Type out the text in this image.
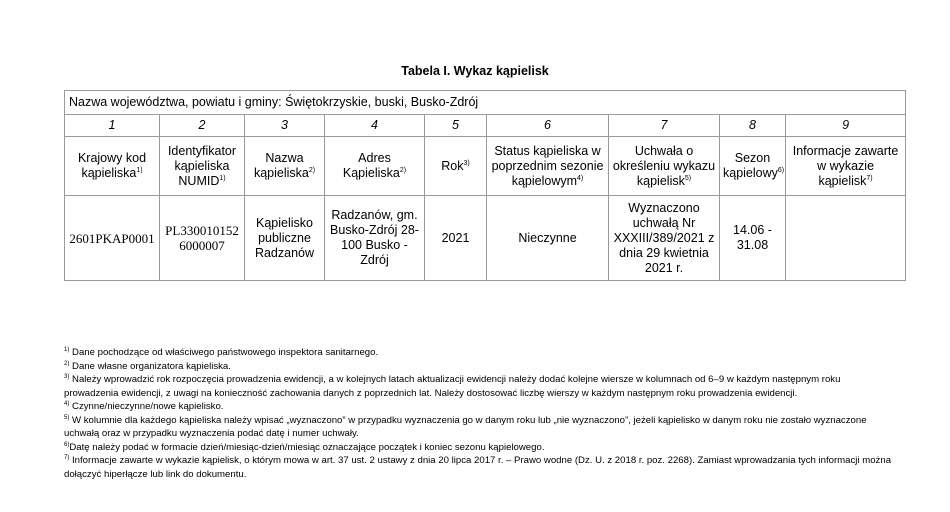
Tabela I. Wykaz kąpielisk
Nazwa województwa, powiatu i gminy: Świętokrzyskie, buski, Busko-Zdrój								
1	2	3	4	5	6	7	8	9
Krajowy kod kąpieliska$^{1)}$	Identyfikator kąpieliska NUMID$^{1)}$	Nazwa kąpieliska$^{2)}$	Adres Kąpieliska$^{2)}$	Rok$^{3)}$	Status kąpieliska w poprzednim sezonie kąpielowym$^{4)}$	Uchwała o określeniu wykazu kąpielisk$^{5)}$	Sezon kąpielowy$^{6)}$	Informacje zawarte w wykazie kąpielisk$^{7)}$
2601PKAP0001	PL3300101526000007	Kąpielisko publiczne Radzanów	Radzanów, gm. Busko-Zdrój 28-100 Busko - Zdrój	2021	Nieczynne	Wyznaczono uchwałą Nr XXXIII/389/2021 z dnia 29 kwietnia 2021 r.	14.06 - 31.08	
$^{1)}$ Dane pochodzące od właściwego państwowego inspektora sanitarnego.
$^{2)}$ Dane własne organizatora kąpieliska.
$^{3)}$ Należy wprowadzić rok rozpoczęcia prowadzenia ewidencji, a w kolejnych latach aktualizacji ewidencji należy dodać kolejne wiersze w kolumnach od 6–9 w każdym następnym roku prowadzenia ewidencji, z uwagi na konieczność zachowania danych z poprzednich lat. Należy dostosować liczbę wierszy w każdym następnym roku prowadzenia ewidencji.
$^{4)}$ Czynne/nieczynne/nowe kąpielisko.
$^{5)}$ W kolumnie dla każdego kąpieliska należy wpisać „wyznaczono” w przypadku wyznaczenia go w danym roku lub „nie wyznaczono”, jeżeli kąpielisko w danym roku nie zostało wyznaczone uchwałą oraz w przypadku wyznaczenia podać datę i numer uchwały.
$^{6)}$Datę należy podać w formacie dzień/miesiąc-dzień/miesiąc oznaczające początek i koniec sezonu kąpielowego.
$^{7)}$ Informacje zawarte w wykazie kąpielisk, o którym mowa w art. 37 ust. 2 ustawy z dnia 20 lipca 2017 r. – Prawo wodne (Dz. U. z 2018 r. poz. 2268). Zamiast wprowadzania tych informacji można dołączyć hiperłącze lub link do dokumentu.
